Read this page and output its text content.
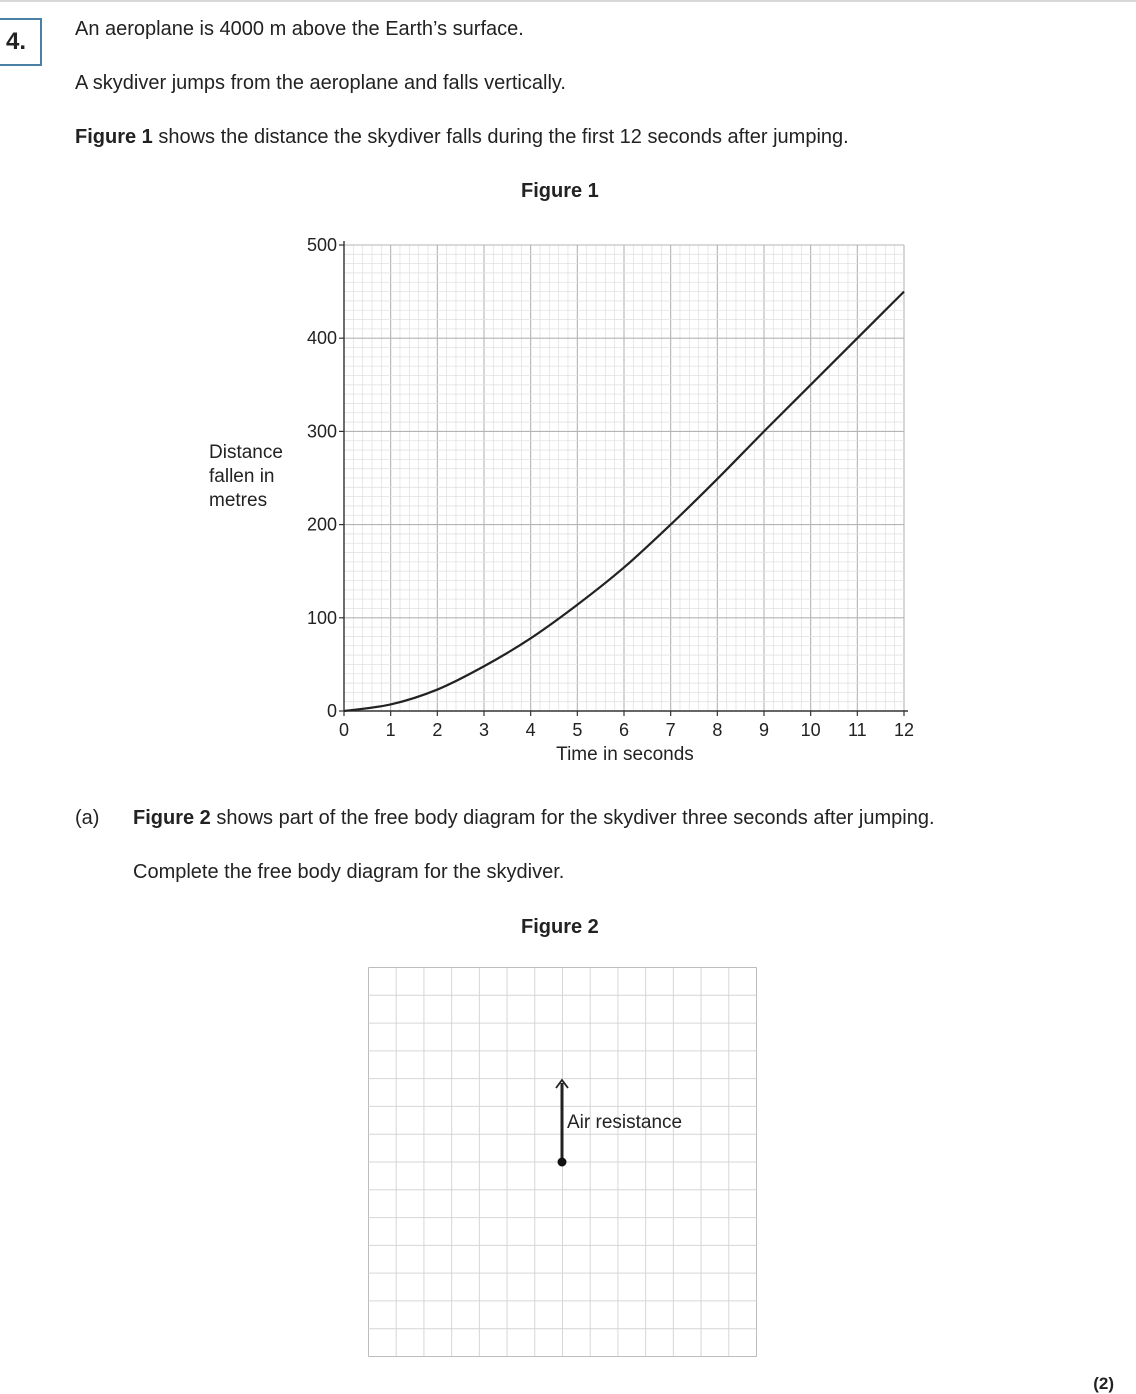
4.	An aeroplane is 4000 m above the Earth’s surface.
A skydiver jumps from the aeroplane and falls vertically.
Figure 1 shows the distance the skydiver falls during the first 12 seconds after jumping.
Figure 1
Distance
fallen in
metres
0 1 2 3 4 5 6 7 8 9 10 11 12
0
100
200
300
400
500
Time in seconds
(a) Figure 2 shows part of the free body diagram for the skydiver three seconds after jumping.
Complete the free body diagram for the skydiver.
Figure 2
Air resistance
(2)
